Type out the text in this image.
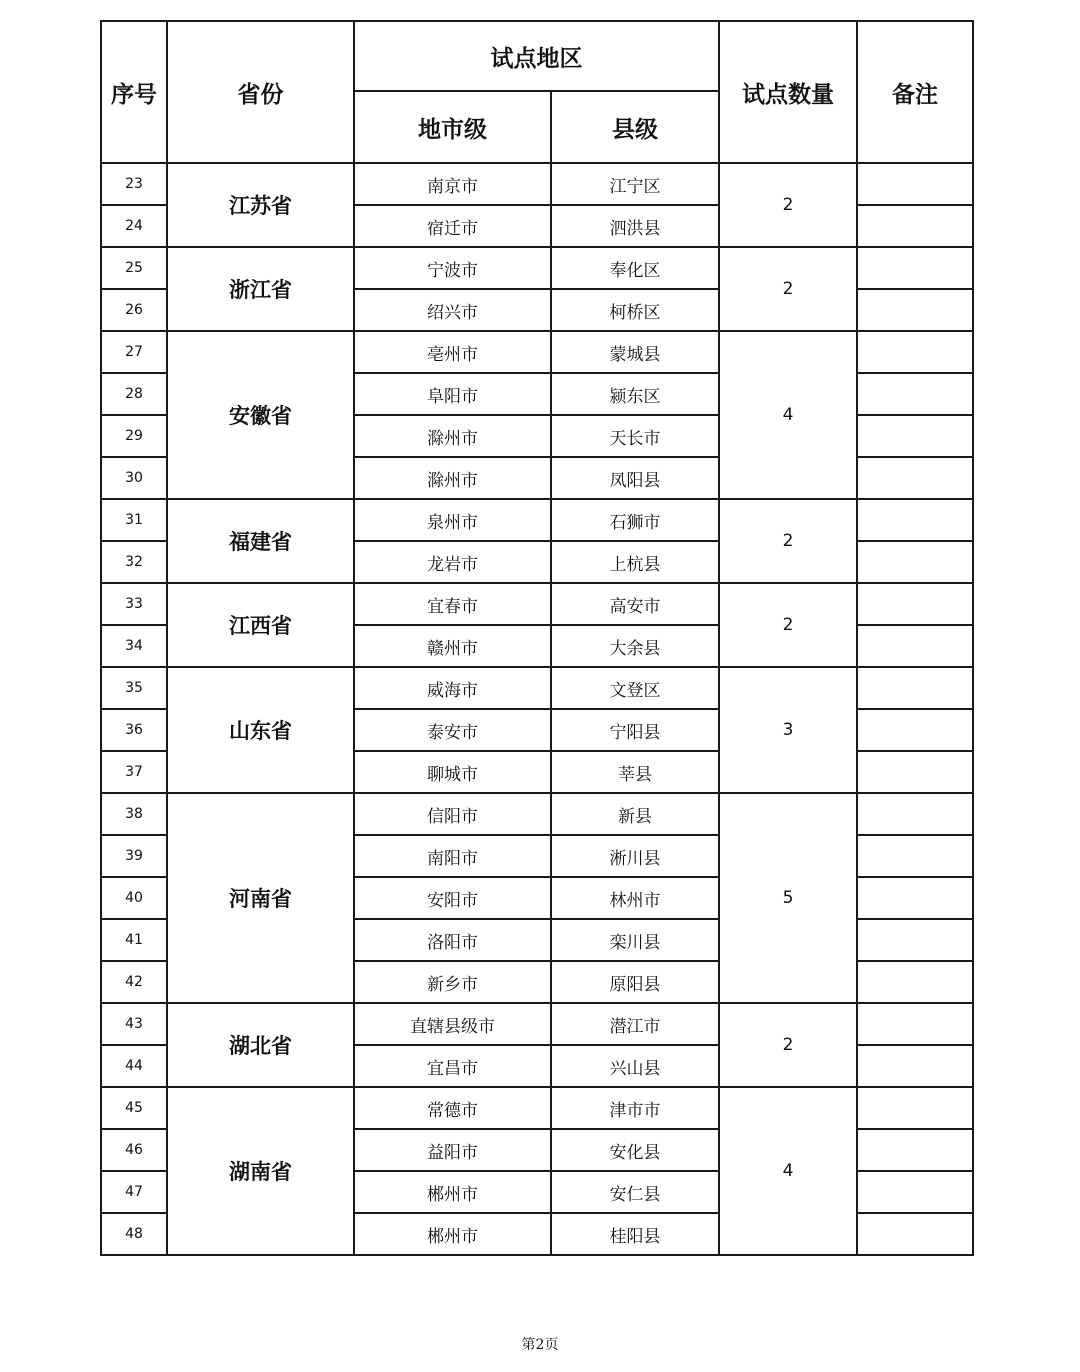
序号	省份	试点地区		试点数量	备注
		地市级	县级		
23	江苏省	南京市	江宁区	2	
24		宿迁市	泗洪县		
25	浙江省	宁波市	奉化区	2	
26		绍兴市	柯桥区		
27	安徽省	亳州市	蒙城县	4	
28		阜阳市	颍东区		
29		滁州市	天长市		
30		滁州市	凤阳县		
31	福建省	泉州市	石狮市	2	
32		龙岩市	上杭县		
33	江西省	宜春市	高安市	2	
34		赣州市	大余县		
35	山东省	威海市	文登区	3	
36		泰安市	宁阳县		
37		聊城市	莘县		
38	河南省	信阳市	新县	5	
39		南阳市	淅川县		
40		安阳市	林州市		
41		洛阳市	栾川县		
42		新乡市	原阳县		
43	湖北省	直辖县级市	潜江市	2	
44		宜昌市	兴山县		
45	湖南省	常德市	津市市	4	
46		益阳市	安化县		
47		郴州市	安仁县		
48		郴州市	桂阳县		
第2页
